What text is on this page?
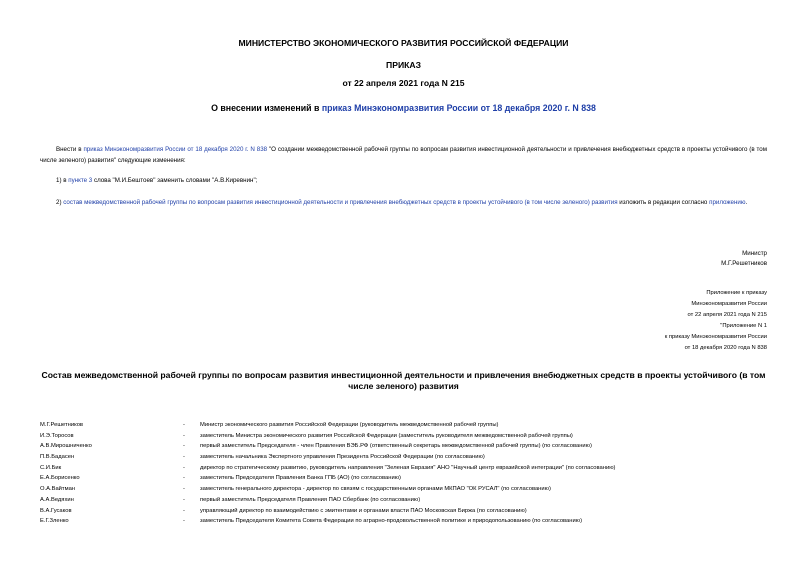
МИНИСТЕРСТВО ЭКОНОМИЧЕСКОГО РАЗВИТИЯ РОССИЙСКОЙ ФЕДЕРАЦИИ
ПРИКАЗ
от 22 апреля 2021 года N 215
О внесении изменений в приказ Минэкономразвития России от 18 декабря 2020 г. N 838
Внести в приказ Минэкономразвития России от 18 декабря 2020 г. N 838 "О создании межведомственной рабочей группы по вопросам развития инвестиционной деятельности и привлечения внебюджетных средств в проекты устойчивого (в том числе зеленого) развития" следующие изменения:
1) в пункте 3 слова "М.И.Бештоев" заменить словами "А.В.Киревнин";
2) состав межведомственной рабочей группы по вопросам развития инвестиционной деятельности и привлечения внебюджетных средств в проекты устойчивого (в том числе зеленого) развития изложить в редакции согласно приложению.
Министр
М.Г.Решетников
Приложение к приказу
Минэкономразвития России
от 22 апреля 2021 года N 215
"Приложение N 1
к приказу Минэкономразвития России
от 18 декабря 2020 года N 838
Состав межведомственной рабочей группы по вопросам развития инвестиционной деятельности и привлечения внебюджетных средств в проекты устойчивого (в том числе зеленого) развития
М.Г.Решетников	-	Министр экономического развития Российской Федерации (руководитель межведомственной рабочей группы)
И.Э.Торосов	-	заместитель Министра экономического развития Российской Федерации (заместитель руководителя межведомственной рабочей группы)
А.В.Мирошниченко	-	первый заместитель Председателя - член Правления ВЭБ.РФ (ответственный секретарь межведомственной рабочей группы) (по согласованию)
П.В.Бадасен	-	заместитель начальника Экспертного управления Президента Российской Федерации (по согласованию)
С.И.Бик	-	директор по стратегическому развитию, руководитель направления "Зеленая Евразия" АНО "Научный центр евразийской интеграции" (по согласованию)
Е.А.Борисенко	-	заместитель Председателя Правления Банка ГПБ (АО) (по согласованию)
О.А.Вайтман	-	заместитель генерального директора - директор по связям с государственными органами МКПАО "ОК РУСАЛ" (по согласованию)
А.А.Ведяхин	-	первый заместитель Председателя Правления ПАО Сбербанк (по согласованию)
В.А.Гусаков	-	управляющий директор по взаимодействию с эмитентами и органами власти ПАО Московская Биржа (по согласованию)
Е.Г.Зленко	-	заместитель Председателя Комитета Совета Федерации по аграрно-продовольственной политике и природопользованию (по согласованию)
